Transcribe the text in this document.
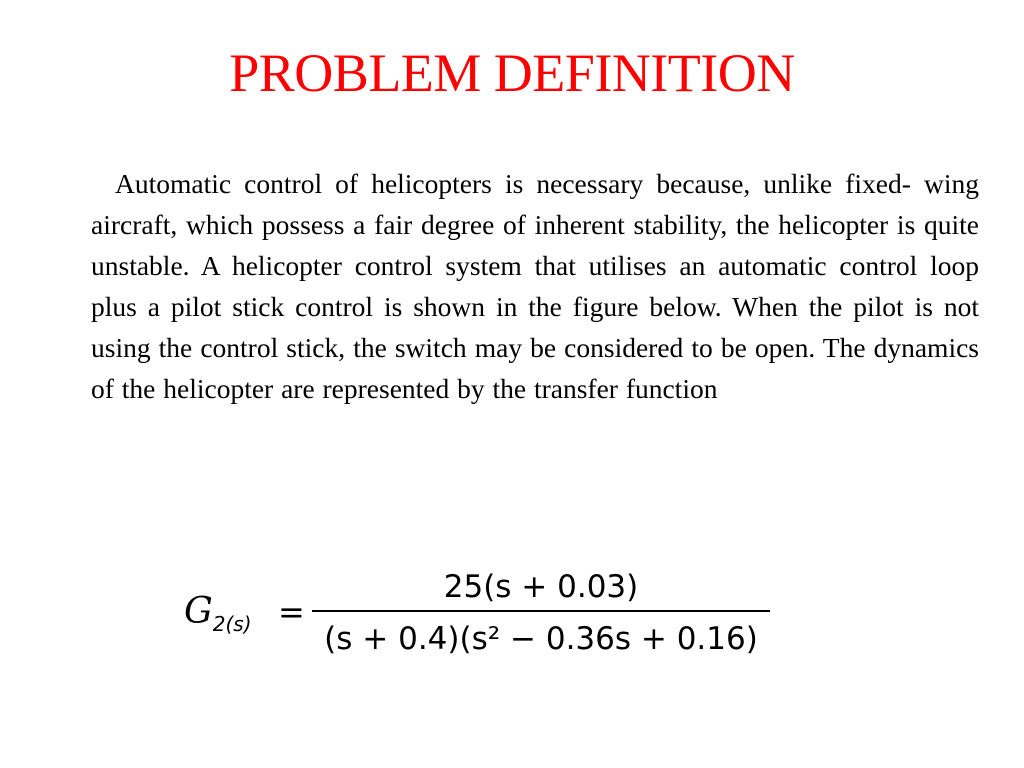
PROBLEM DEFINITION
Automatic control of helicopters is necessary because, unlike fixed- wing aircraft, which possess a fair degree of inherent stability, the helicopter is quite unstable. A helicopter control system that utilises an automatic control loop plus a pilot stick control is shown in the figure below. When the pilot is not using the control stick, the switch may be considered to be open. The dynamics of the helicopter are represented by the transfer function
$G_{2(s)}$ =
25(s + 0.03)
(s + 0.4)(s² − 0.36s + 0.16)
